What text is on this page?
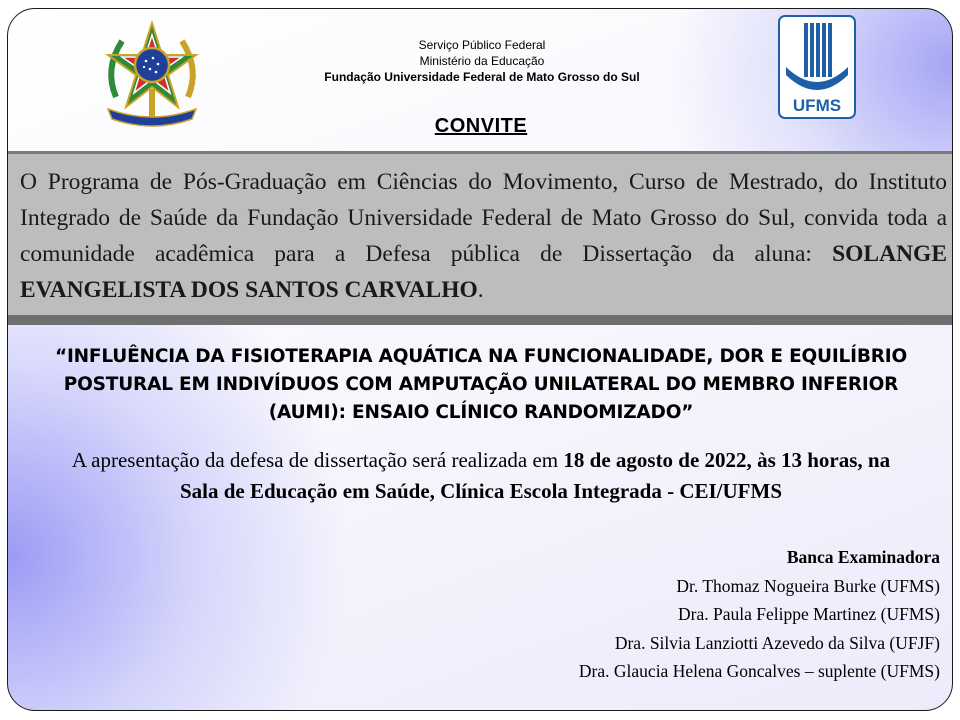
Serviço Público Federal
Ministério da Educação
Fundação Universidade Federal de Mato Grosso do Sul
UFMS
CONVITE
O Programa de Pós-Graduação em Ciências do Movimento, Curso de Mestrado, do Instituto Integrado de Saúde da Fundação Universidade Federal de Mato Grosso do Sul, convida toda a comunidade acadêmica para a Defesa pública de Dissertação da aluna: SOLANGE EVANGELISTA DOS SANTOS CARVALHO.
“INFLUÊNCIA DA FISIOTERAPIA AQUÁTICA NA FUNCIONALIDADE, DOR E EQUILÍBRIO POSTURAL EM INDIVÍDUOS COM AMPUTAÇÃO UNILATERAL DO MEMBRO INFERIOR (AUMI): ENSAIO CLÍNICO RANDOMIZADO”
A apresentação da defesa de dissertação será realizada em 18 de agosto de 2022, às 13 horas, na Sala de Educação em Saúde, Clínica Escola Integrada - CEI/UFMS
Banca Examinadora
Dr. Thomaz Nogueira Burke (UFMS)
Dra. Paula Felippe Martinez (UFMS)
Dra. Silvia Lanziotti Azevedo da Silva (UFJF)
Dra. Glaucia Helena Goncalves – suplente (UFMS)
